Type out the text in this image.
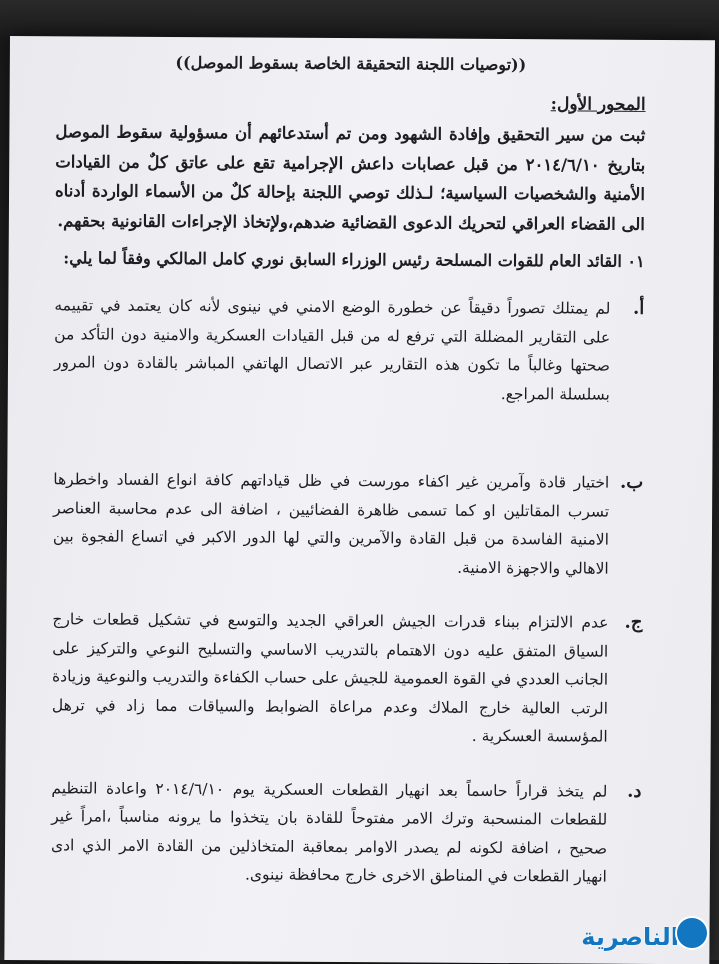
((توصيات اللجنة التحقيقة الخاصة بسقوط الموصل))
المحور الأول:
ثبت من سير التحقيق وإفادة الشهود ومن تم أستدعائهم أن مسؤولية سقوط الموصل بتاريخ ٢٠١٤/٦/١٠ من قبل عصابات داعش الإجرامية تقع على عاتق كلٌ من القيادات الأمنية والشخصيات السياسية؛ لـذلك توصي اللجنة بإحالة كلٌ من الأسماء الواردة أدناه الى القضاء العراقي لتحريك الدعوى القضائية ضدهم،ولإتخاذ الإجراءات القانونية بحقهم.
٠١ القائد العام للقوات المسلحة رئيس الوزراء السابق نوري كامل المالكي وفقاً لما يلي:
أ.
لم يمتلك تصوراً دقيقاً عن خطورة الوضع الامني في نينوى لأنه كان يعتمد في تقييمه على التقارير المضللة التي ترفع له من قبل القيادات العسكرية والامنية دون التأكد من صحتها وغالباً ما تكون هذه التقارير عبر الاتصال الهاتفي المباشر بالقادة دون المرور بسلسلة المراجع.
ب.
اختيار قادة وآمرين غير اكفاء مورست في ظل قياداتهم كافة انواع الفساد واخطرها تسرب المقاتلين او كما تسمى ظاهرة الفضائيين ، اضافة الى عدم محاسبة العناصر الامنية الفاسدة من قبل القادة والآمرين والتي لها الدور الاكبر في اتساع الفجوة بين الاهالي والاجهزة الامنية.
ج.
عدم الالتزام ببناء قدرات الجيش العراقي الجديد والتوسع في تشكيل قطعات خارج السياق المتفق عليه دون الاهتمام بالتدريب الاساسي والتسليح النوعي والتركيز على الجانب العددي في القوة العمومية للجيش على حساب الكفاءة والتدريب والنوعية وزيادة الرتب العالية خارج الملاك وعدم مراعاة الضوابط والسياقات مما زاد في ترهل المؤسسة العسكرية .
د.
لم يتخذ قراراً حاسماً بعد انهيار القطعات العسكرية يوم ٢٠١٤/٦/١٠ واعادة التنظيم للقطعات المنسحبة وترك الامر مفتوحاً للقادة بان يتخذوا ما يرونه مناسباً ،امراً غير صحيح ، اضافة لكونه لم يصدر الاوامر بمعاقبة المتخاذلين من القادة الامر الذي ادى انهيار القطعات في المناطق الاخرى خارج محافظة نينوى.
الناصرية
